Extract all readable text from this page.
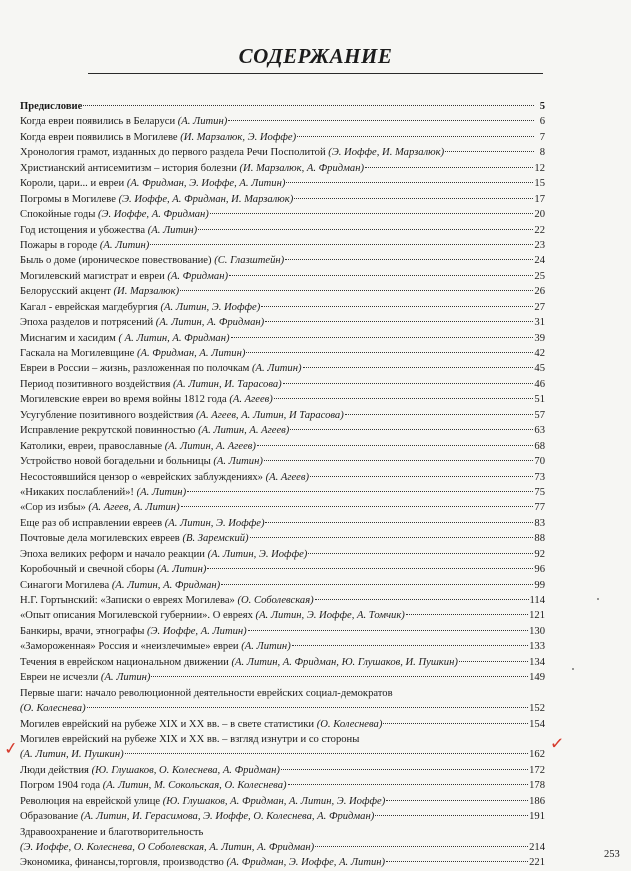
СОДЕРЖАНИЕ
Предисловие	5
Когда евреи появились в Беларуси (А. Литин)	6
Когда евреи появились в Могилеве (И. Марзалюк, Э. Иоффе)	7
Хронология грамот, изданных до первого раздела Речи Посполитой (Э. Иоффе, И. Марзалюк)	8
Христианский антисемитизм – история болезни (И. Марзалюк, А. Фридман)	12
Короли, цари... и евреи (А. Фридман, Э. Иоффе, А. Литин)	15
Погромы в Могилеве (Э. Иоффе, А. Фридман, И. Марзалюк)	17
Спокойные годы (Э. Иоффе, А. Фридман)	20
Год истощения и убожества (А. Литин)	22
Пожары в городе (А. Литин)	23
Быль о доме (ироническое повествование) (С. Глазштейн)	24
Могилевский магистрат и евреи (А. Фридман)	25
Белорусский акцент (И. Марзалюк)	26
Кагал - еврейская магдебургия (А. Литин, Э. Иоффе)	27
Эпоха разделов и потрясений (А. Литин, А. Фридман)	31
Миснагим и хасидим ( А. Литин, А. Фридман)	39
Гаскала на Могилевщине (А. Фридман, А. Литин)	42
Евреи в России – жизнь, разложенная по полочкам (А. Литин)	45
Период позитивного воздействия (А. Литин, И. Тарасова)	46
Могилевские евреи во время войны 1812 года (А. Агеев)	51
Усугубление позитивного воздействия (А. Агеев, А. Литин, И Тарасова)	57
Исправление рекрутской повинностью (А. Литин, А. Агеев)	63
Католики, евреи, православные (А. Литин, А. Агеев)	68
Устройство новой богадельни и больницы (А. Литин)	70
Несостоявшийся цензор о «еврейских заблуждениях» (А. Агеев)	73
«Никаких послаблений»! (А. Литин)	75
«Сор из избы» (А. Агеев, А. Литин)	77
Еще раз об исправлении евреев (А. Литин, Э. Иоффе)	83
Почтовые дела могилевских евреев (В. Заремский)	88
Эпоха великих реформ и начало реакции (А. Литин, Э. Иоффе)	92
Коробочный и свечной сборы (А. Литин)	96
Синагоги Могилева (А. Литин, А. Фридман)	99
Н.Г. Гортынский: «Записки о евреях Могилева» (О. Соболевская)	114
«Опыт описания Могилевской губернии». О евреях (А. Литин, Э. Иоффе, А. Томчик)	121
Банкиры, врачи, этнографы (Э. Иоффе, А. Литин)	130
«Замороженная» Россия и «неизлечимые» евреи (А. Литин)	133
Течения в еврейском национальном движении (А. Литин, А. Фридман, Ю. Глушаков, И. Пушкин)	134
Евреи не исчезли (А. Литин)	149
Первые шаги: начало революционной деятельности еврейских социал-демократов
(О. Колеснева)	152
Могилев еврейский на рубеже XIX и XX вв. – в свете статистики (О. Колеснева)	154
Могилев еврейский на рубеже XIX и XX вв. – взгляд изнутри и со стороны
(А. Литин, И. Пушкин)	162
Люди действия (Ю. Глушаков, О. Колеснева, А. Фридман)	172
Погром 1904 года (А. Литин, М. Сокольская, О. Колеснева)	178
Революция на еврейской улице (Ю. Глушаков, А. Фридман, А. Литин, Э. Иоффе)	186
Образование (А. Литин, И. Герасимова, Э. Иоффе, О. Колеснева, А. Фридман)	191
Здравоохранение и благотворительность
(Э. Иоффе, О. Колеснева, О Соболевская, А. Литин, А. Фридман)	214
Экономика, финансы,торговля, производство (А. Фридман, Э. Иоффе, А. Литин)	221
✓	✓
253
